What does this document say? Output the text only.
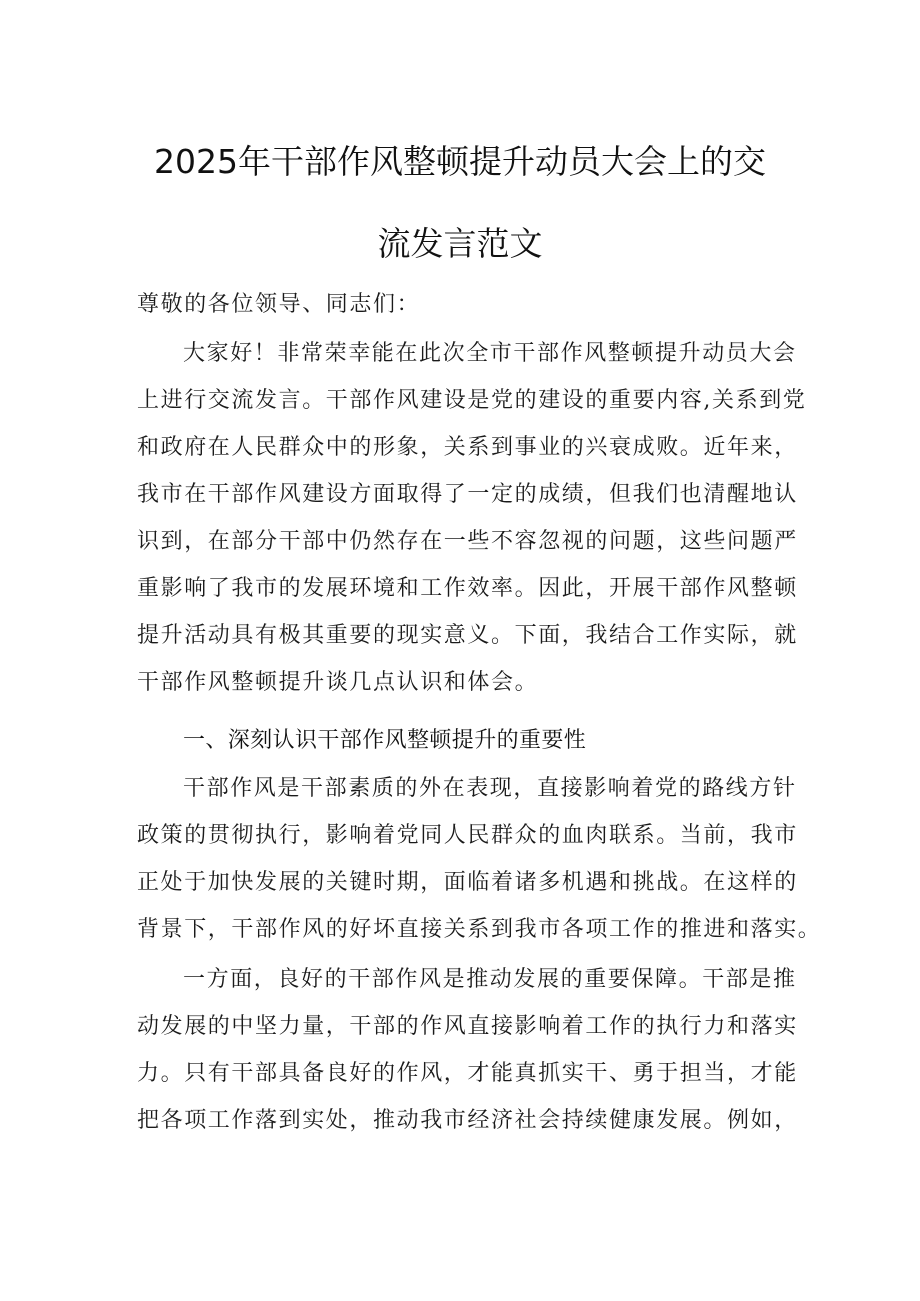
2025年干部作风整顿提升动员大会上的交
流发言范文
尊敬的各位领导、同志们：
大家好！非常荣幸能在此次全市干部作风整顿提升动员大会
上进行交流发言。干部作风建设是党的建设的重要内容,关系到党
和政府在人民群众中的形象，关系到事业的兴衰成败。近年来，
我市在干部作风建设方面取得了一定的成绩，但我们也清醒地认
识到，在部分干部中仍然存在一些不容忽视的问题，这些问题严
重影响了我市的发展环境和工作效率。因此，开展干部作风整顿
提升活动具有极其重要的现实意义。下面，我结合工作实际，就
干部作风整顿提升谈几点认识和体会。
一、深刻认识干部作风整顿提升的重要性
干部作风是干部素质的外在表现，直接影响着党的路线方针
政策的贯彻执行，影响着党同人民群众的血肉联系。当前，我市
正处于加快发展的关键时期，面临着诸多机遇和挑战。在这样的
背景下，干部作风的好坏直接关系到我市各项工作的推进和落实。
一方面，良好的干部作风是推动发展的重要保障。干部是推
动发展的中坚力量，干部的作风直接影响着工作的执行力和落实
力。只有干部具备良好的作风，才能真抓实干、勇于担当，才能
把各项工作落到实处，推动我市经济社会持续健康发展。例如，
